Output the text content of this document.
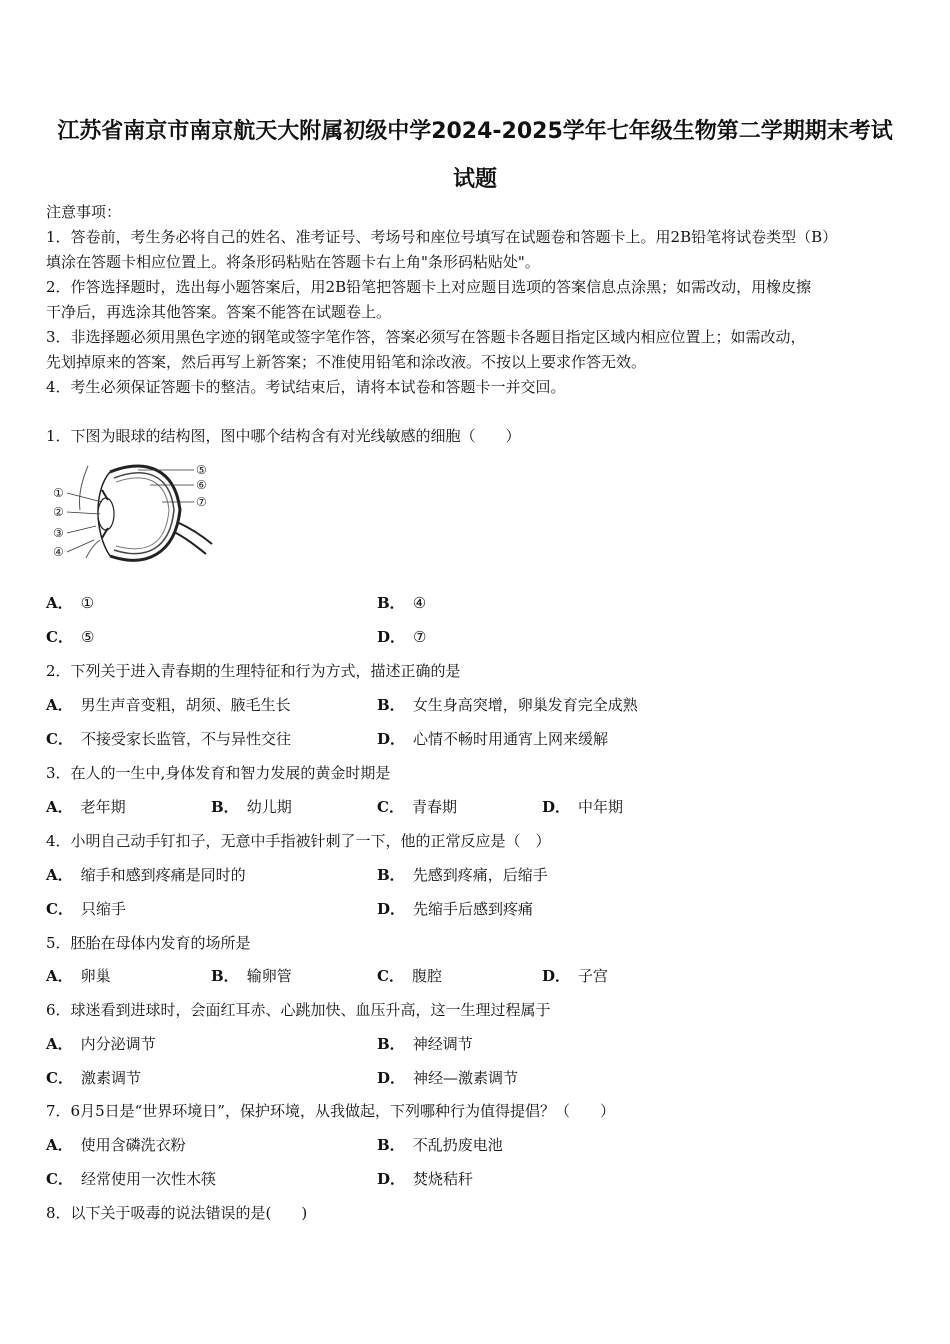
江苏省南京市南京航天大附属初级中学2024-2025学年七年级生物第二学期期末考试
试题
注意事项：
1．答卷前，考生务必将自己的姓名、准考证号、考场号和座位号填写在试题卷和答题卡上。用2B铅笔将试卷类型（B）
填涂在答题卡相应位置上。将条形码粘贴在答题卡右上角"条形码粘贴处"。
2．作答选择题时，选出每小题答案后，用2B铅笔把答题卡上对应题目选项的答案信息点涂黑；如需改动，用橡皮擦
干净后，再选涂其他答案。答案不能答在试题卷上。
3．非选择题必须用黑色字迹的钢笔或签字笔作答，答案必须写在答题卡各题目指定区域内相应位置上；如需改动，
先划掉原来的答案，然后再写上新答案；不准使用铅笔和涂改液。不按以上要求作答无效。
4．考生必须保证答题卡的整洁。考试结束后，请将本试卷和答题卡一并交回。
1．下图为眼球的结构图，图中哪个结构含有对光线敏感的细胞（　　）
①
②
③
④
⑤
⑥
⑦
A． ①	B． ④
C． ⑤	D． ⑦
2．下列关于进入青春期的生理特征和行为方式，描述正确的是
A． 男生声音变粗，胡须、腋毛生长	B． 女生身高突增，卵巢发育完全成熟
C． 不接受家长监管，不与异性交往	D． 心情不畅时用通宵上网来缓解
3．在人的一生中,身体发育和智力发展的黄金时期是
A． 老年期	B． 幼儿期	C． 青春期	D． 中年期
4．小明自己动手钉扣子，无意中手指被针刺了一下，他的正常反应是（　）
A． 缩手和感到疼痛是同时的	B． 先感到疼痛，后缩手
C． 只缩手	D． 先缩手后感到疼痛
5．胚胎在母体内发育的场所是
A． 卵巢	B． 输卵管	C． 腹腔	D． 子宫
6．球迷看到进球时，会面红耳赤、心跳加快、血压升高，这一生理过程属于
A． 内分泌调节	B． 神经调节
C． 激素调节	D． 神经—激素调节
7．6月5日是“世界环境日”，保护环境，从我做起，下列哪种行为值得提倡？（　　）
A． 使用含磷洗衣粉	B． 不乱扔废电池
C． 经常使用一次性木筷	D． 焚烧秸秆
8．以下关于吸毒的说法错误的是(　　)
